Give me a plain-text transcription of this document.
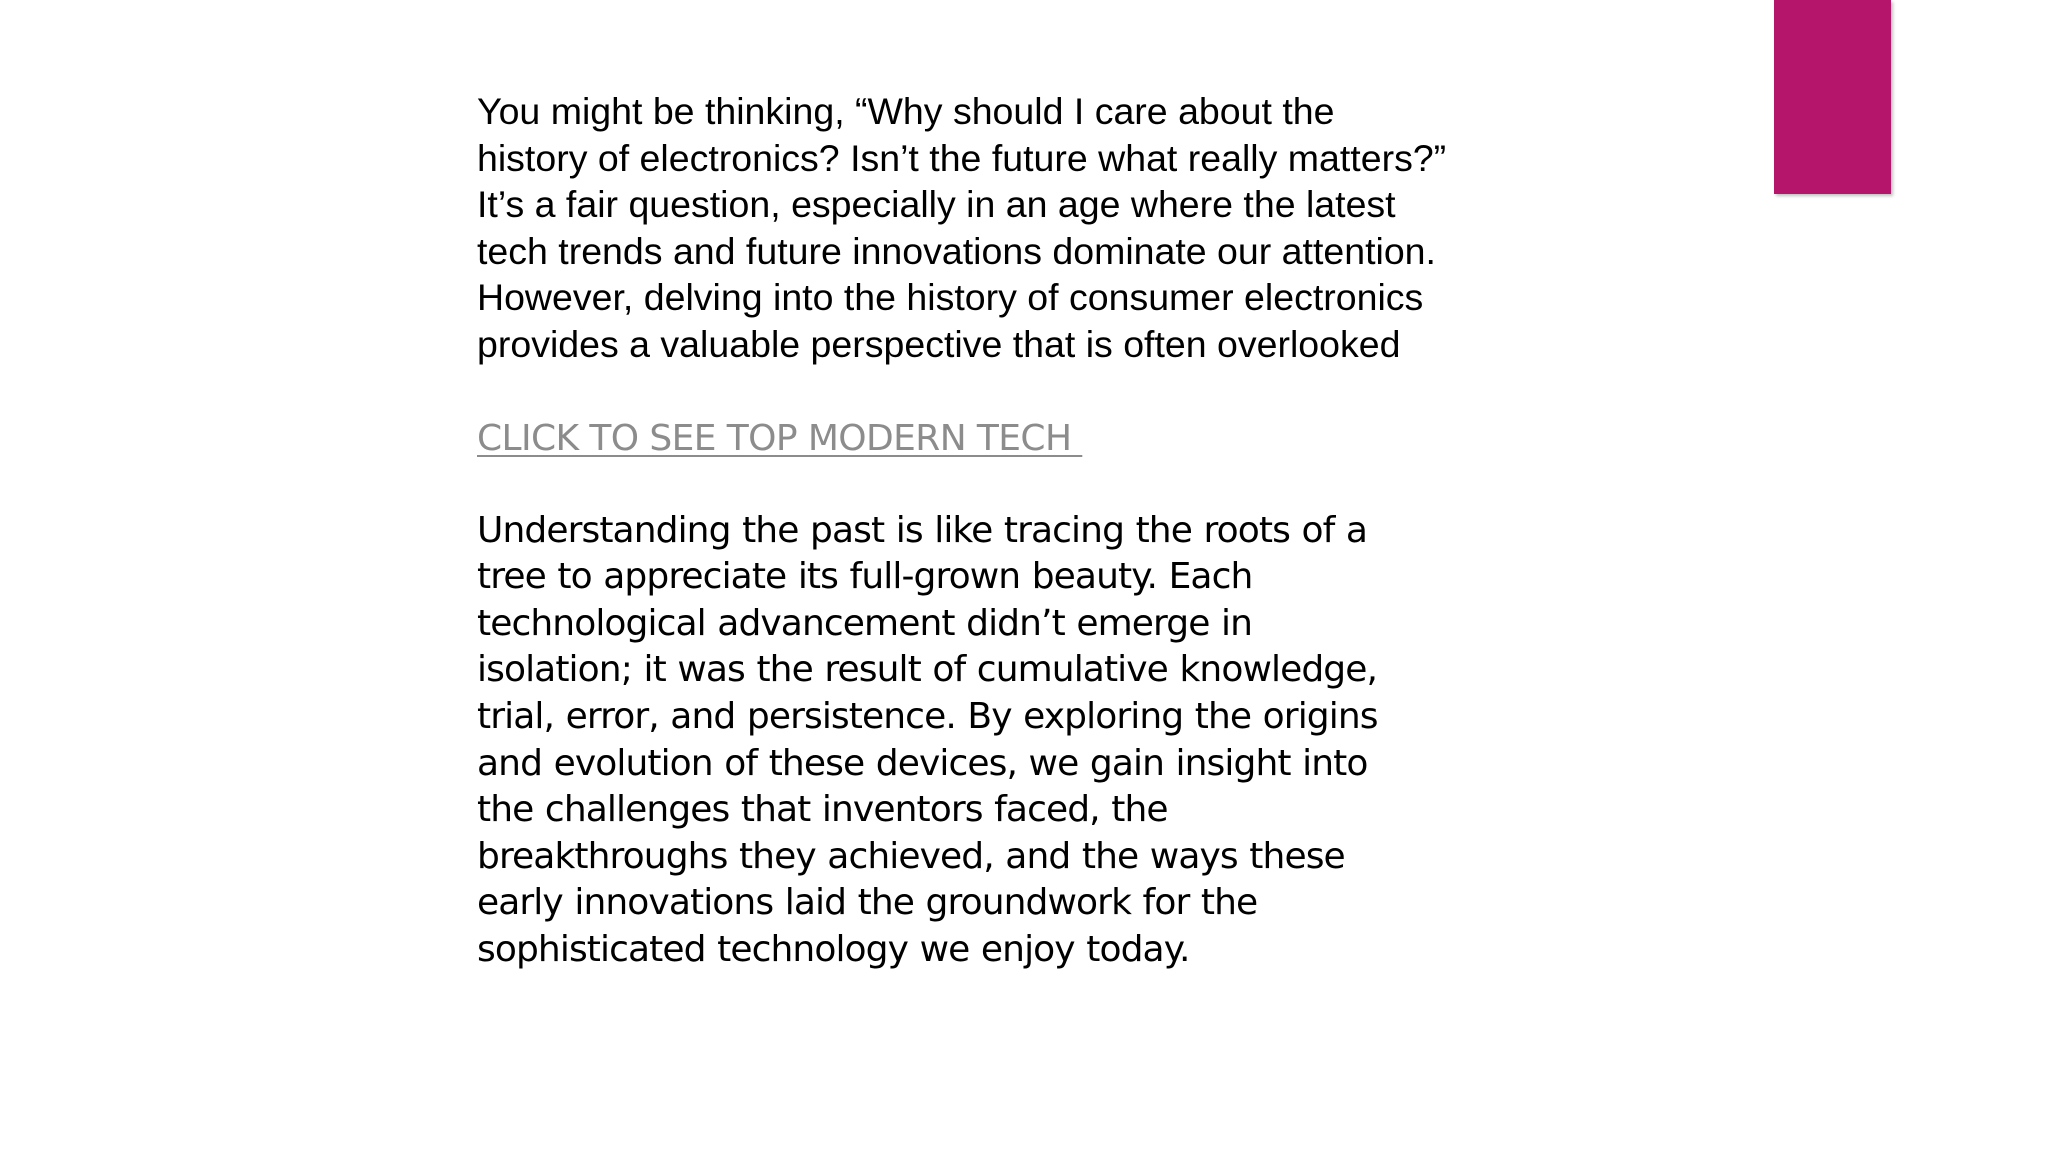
You might be thinking, “Why should I care about the
history of electronics? Isn’t the future what really matters?”
It’s a fair question, especially in an age where the latest
tech trends and future innovations dominate our attention.
However, delving into the history of consumer electronics
provides a valuable perspective that is often overlooked

CLICK TO SEE TOP MODERN TECH

Understanding the past is like tracing the roots of a
tree to appreciate its full-grown beauty. Each
technological advancement didn’t emerge in
isolation; it was the result of cumulative knowledge,
trial, error, and persistence. By exploring the origins
and evolution of these devices, we gain insight into
the challenges that inventors faced, the
breakthroughs they achieved, and the ways these
early innovations laid the groundwork for the
sophisticated technology we enjoy today.
